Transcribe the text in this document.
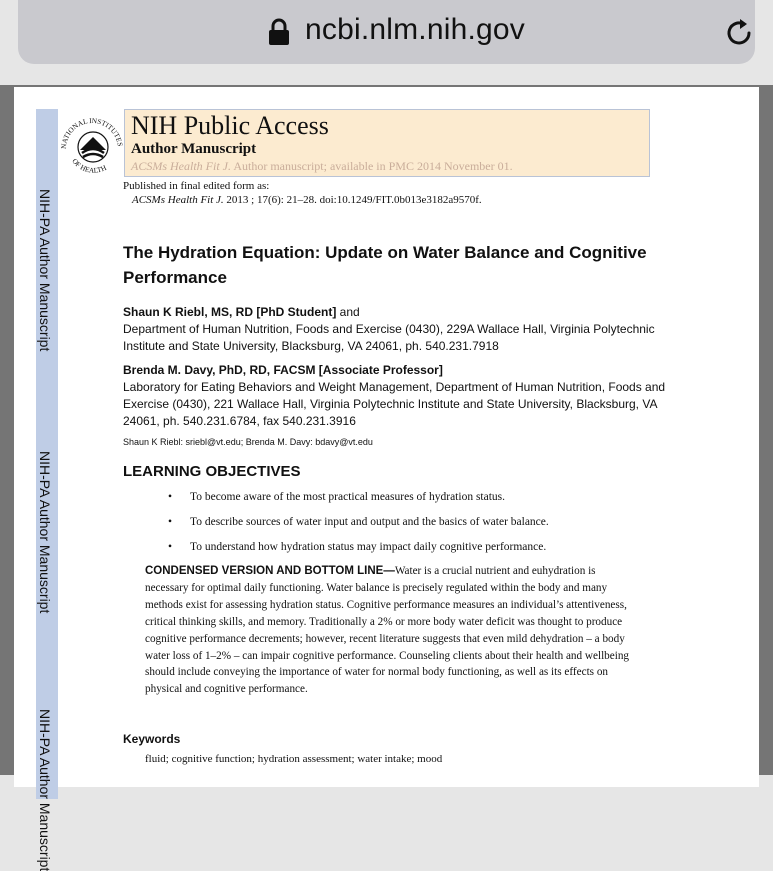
ncbi.nlm.nih.gov
NIH-PA Author Manuscript
NIH-PA Author Manuscript
NIH-PA Author Manuscript
NATIONAL INSTITUTES
OF HEALTH
NIH Public Access
Author Manuscript
ACSMs Health Fit J. Author manuscript; available in PMC 2014 November 01.
Published in final edited form as:
ACSMs Health Fit J. 2013 ; 17(6): 21–28. doi:10.1249/FIT.0b013e3182a9570f.
The Hydration Equation: Update on Water Balance and Cognitive Performance
Shaun K Riebl, MS, RD [PhD Student] and
Department of Human Nutrition, Foods and Exercise (0430), 229A Wallace Hall, Virginia Polytechnic Institute and State University, Blacksburg, VA 24061, ph. 540.231.7918
Brenda M. Davy, PhD, RD, FACSM [Associate Professor]
Laboratory for Eating Behaviors and Weight Management, Department of Human Nutrition, Foods and Exercise (0430), 221 Wallace Hall, Virginia Polytechnic Institute and State University, Blacksburg, VA 24061, ph. 540.231.6784, fax 540.231.3916
Shaun K Riebl: sriebl@vt.edu; Brenda M. Davy: bdavy@vt.edu
LEARNING OBJECTIVES
• To become aware of the most practical measures of hydration status.
• To describe sources of water input and output and the basics of water balance.
• To understand how hydration status may impact daily cognitive performance.
CONDENSED VERSION AND BOTTOM LINE—Water is a crucial nutrient and euhydration is necessary for optimal daily functioning. Water balance is precisely regulated within the body and many methods exist for assessing hydration status. Cognitive performance measures an individual’s attentiveness, critical thinking skills, and memory. Traditionally a 2% or more body water deficit was thought to produce cognitive performance decrements; however, recent literature suggests that even mild dehydration – a body water loss of 1–2% – can impair cognitive performance. Counseling clients about their health and wellbeing should include conveying the importance of water for normal body functioning, as well as its effects on physical and cognitive performance.
Keywords
fluid; cognitive function; hydration assessment; water intake; mood
